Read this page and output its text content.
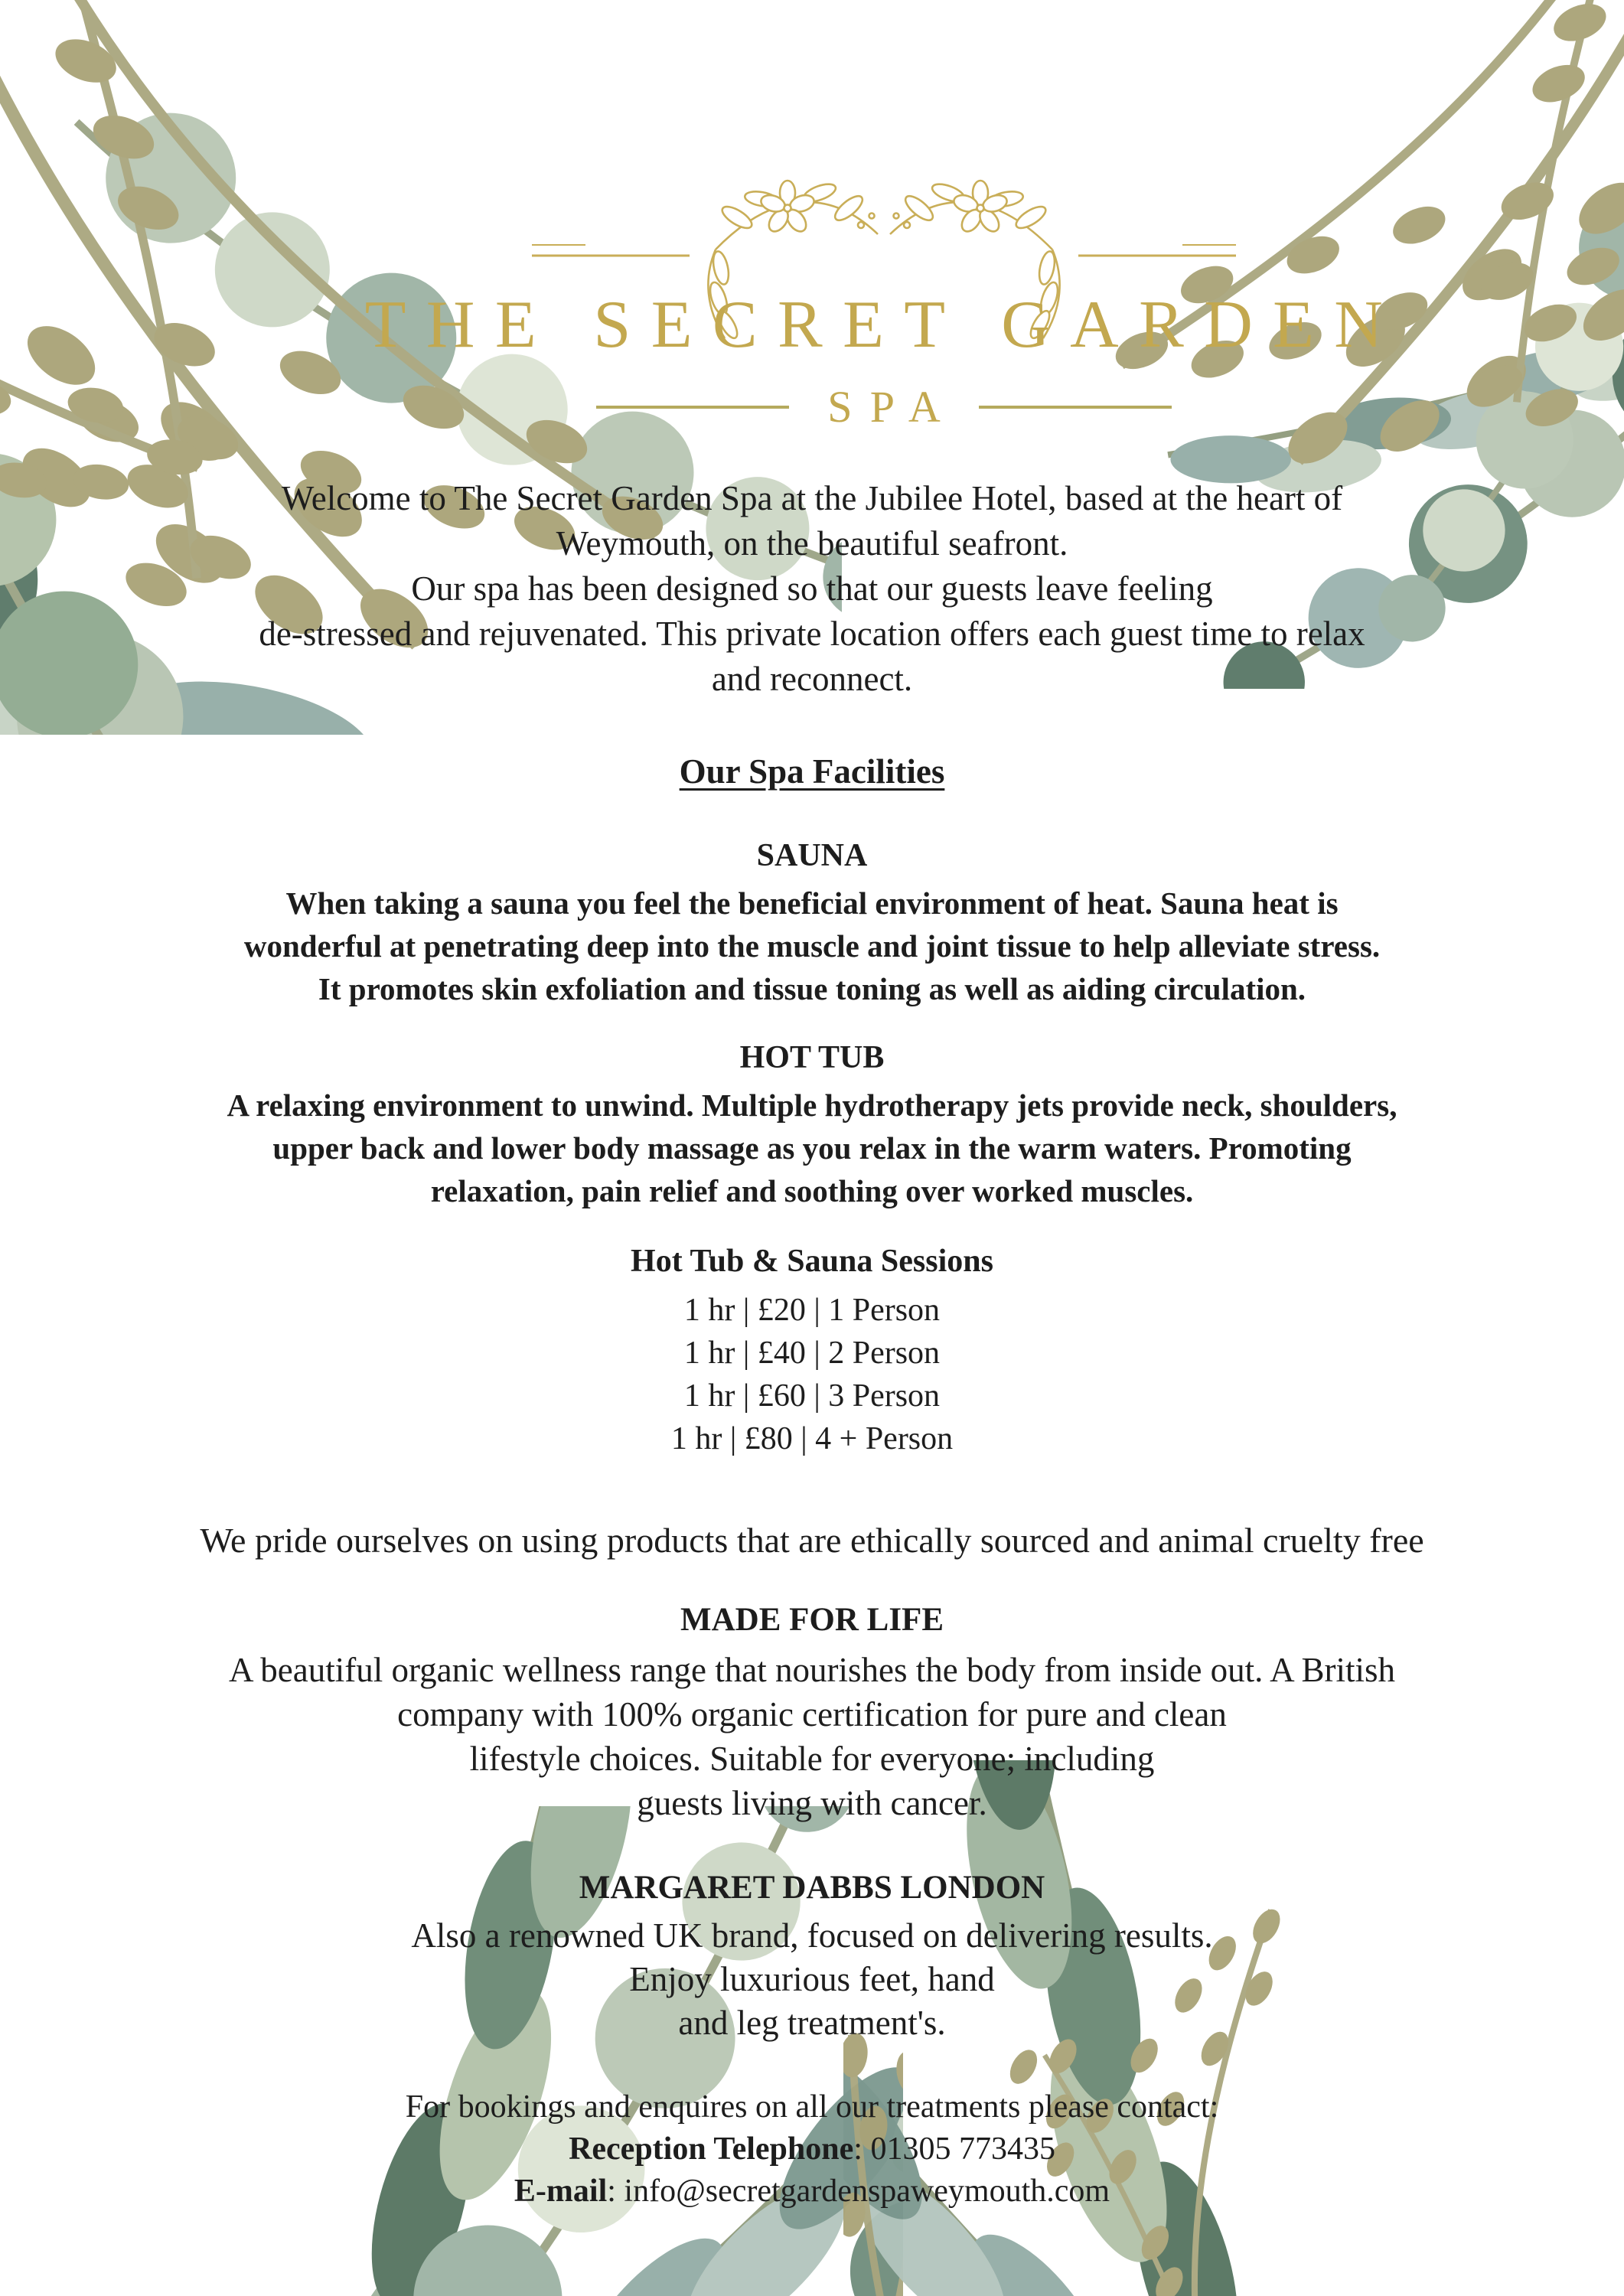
THE SECRET GARDEN
SPA

Welcome to The Secret Garden Spa at the Jubilee Hotel, based at the heart of
Weymouth, on the beautiful seafront.
Our spa has been designed so that our guests leave feeling
de-stressed and rejuvenated. This private location offers each guest time to relax
and reconnect.

Our Spa Facilities
SAUNA

When taking a sauna you feel the beneficial environment of heat. Sauna heat is
wonderful at penetrating deep into the muscle and joint tissue to help alleviate stress.
It promotes skin exfoliation and tissue toning as well as aiding circulation.

HOT TUB

A relaxing environment to unwind. Multiple hydrotherapy jets provide neck, shoulders,
upper back and lower body massage as you relax in the warm waters. Promoting
relaxation, pain relief and soothing over worked muscles.

Hot Tub & Sauna Sessions

1 hr | £20 | 1 Person
1 hr | £40 | 2 Person
1 hr | £60 | 3 Person
1 hr | £80 | 4 + Person

We pride ourselves on using products that are ethically sourced and animal cruelty free

MADE FOR LIFE

A beautiful organic wellness range that nourishes the body from inside out. A British
company with 100% organic certification for pure and clean
lifestyle choices. Suitable for everyone; including
guests living with cancer.

MARGARET DABBS LONDON

Also a renowned UK brand, focused on delivering results.
Enjoy luxurious feet, hand
and leg treatment's.

For bookings and enquires on all our treatments please contact:

Reception Telephone: 01305 773435

E-mail: info@secretgardenspaweymouth.com
